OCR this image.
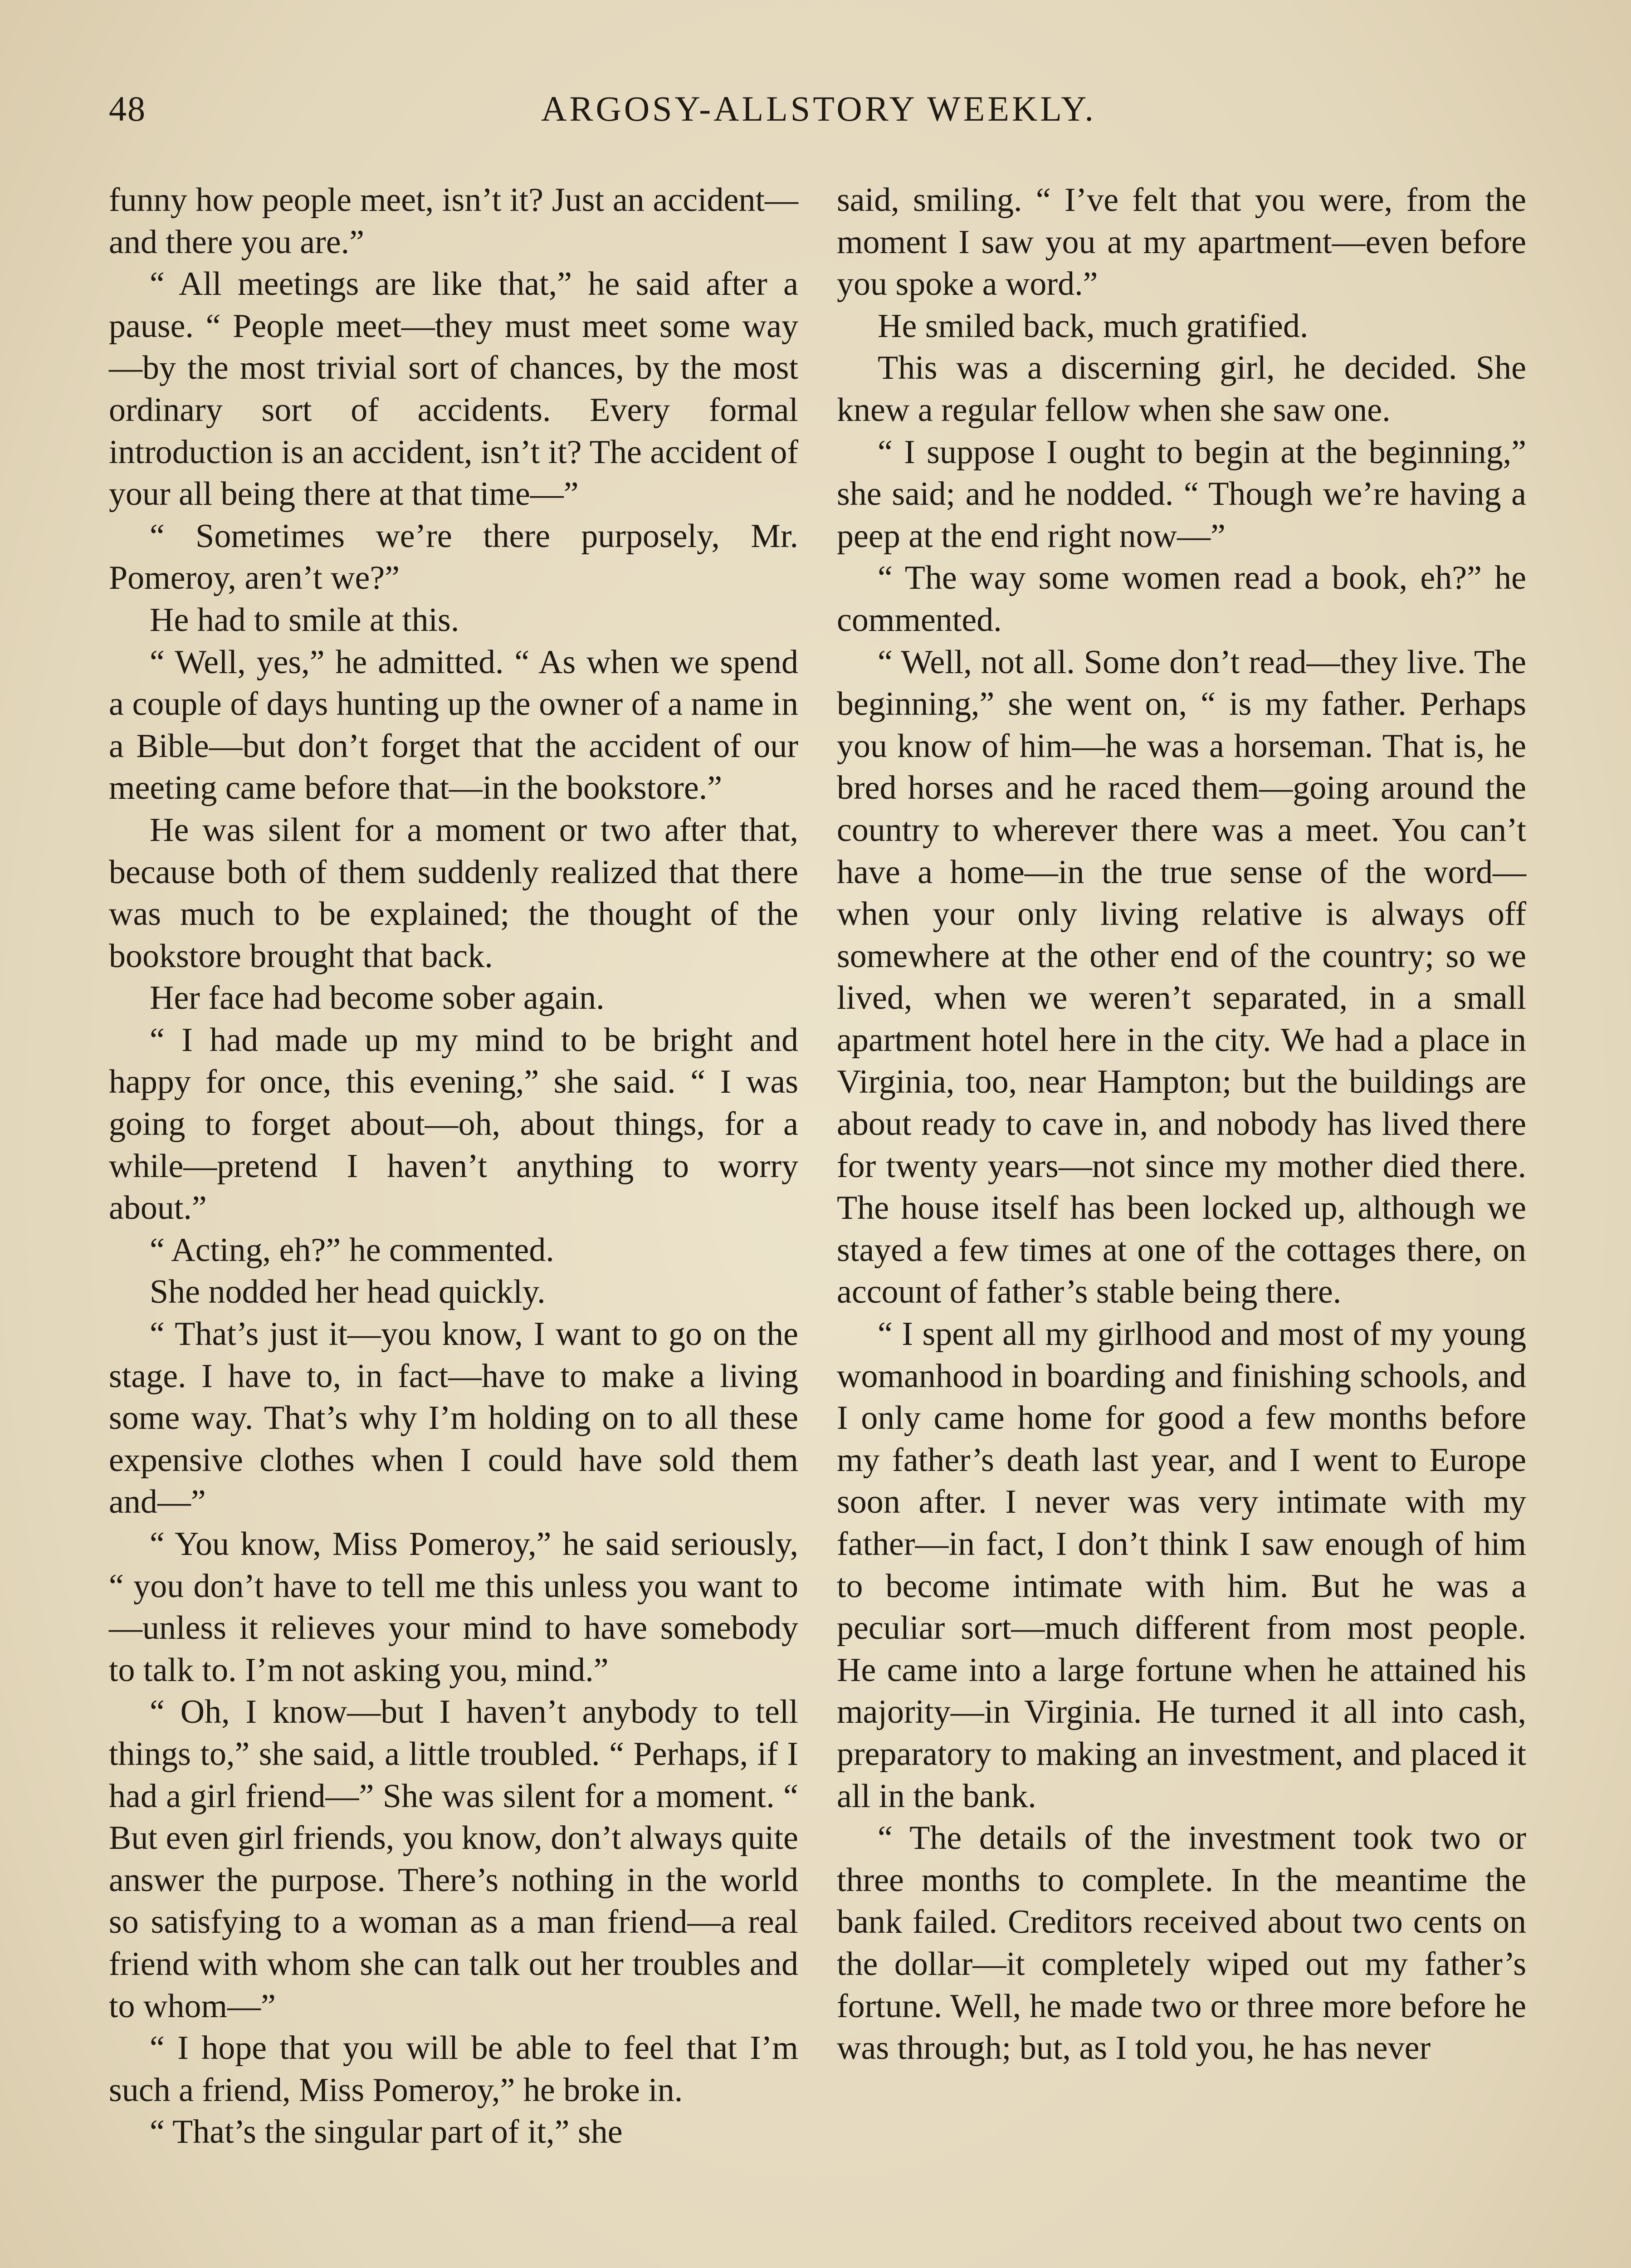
48	ARGOSY-ALLSTORY WEEKLY.

funny how people meet, isn’t it? Just an accident—and there you are.”

“ All meetings are like that,” he said after a pause. “ People meet—they must meet some way—by the most trivial sort of chances, by the most ordinary sort of accidents. Every formal introduction is an accident, isn’t it? The accident of your all being there at that time—”

“ Sometimes we’re there purposely, Mr. Pomeroy, aren’t we?”

He had to smile at this.

“ Well, yes,” he admitted. “ As when we spend a couple of days hunting up the owner of a name in a Bible—but don’t forget that the accident of our meeting came before that—in the bookstore.”

He was silent for a moment or two after that, because both of them suddenly realized that there was much to be explained; the thought of the bookstore brought that back.

Her face had become sober again.

“ I had made up my mind to be bright and happy for once, this evening,” she said. “ I was going to forget about—oh, about things, for a while—pretend I haven’t anything to worry about.”

“ Acting, eh?” he commented.

She nodded her head quickly.

“ That’s just it—you know, I want to go on the stage. I have to, in fact—have to make a living some way. That’s why I’m holding on to all these expensive clothes when I could have sold them and—”

“ You know, Miss Pomeroy,” he said seriously, “ you don’t have to tell me this unless you want to—unless it relieves your mind to have somebody to talk to. I’m not asking you, mind.”

“ Oh, I know—but I haven’t anybody to tell things to,” she said, a little troubled. “ Perhaps, if I had a girl friend—” She was silent for a moment. “ But even girl friends, you know, don’t always quite answer the purpose. There’s nothing in the world so satisfying to a woman as a man friend—a real friend with whom she can talk out her troubles and to whom—”

“ I hope that you will be able to feel that I’m such a friend, Miss Pomeroy,” he broke in.

“ That’s the singular part of it,” she

said, smiling. “ I’ve felt that you were, from the moment I saw you at my apartment—even before you spoke a word.”

He smiled back, much gratified.

This was a discerning girl, he decided. She knew a regular fellow when she saw one.

“ I suppose I ought to begin at the beginning,” she said; and he nodded. “ Though we’re having a peep at the end right now—”

“ The way some women read a book, eh?” he commented.

“ Well, not all. Some don’t read—they live. The beginning,” she went on, “ is my father. Perhaps you know of him—he was a horseman. That is, he bred horses and he raced them—going around the country to wherever there was a meet. You can’t have a home—in the true sense of the word—when your only living relative is always off somewhere at the other end of the country; so we lived, when we weren’t separated, in a small apartment hotel here in the city. We had a place in Virginia, too, near Hampton; but the buildings are about ready to cave in, and nobody has lived there for twenty years—not since my mother died there. The house itself has been locked up, although we stayed a few times at one of the cottages there, on account of father’s stable being there.

“ I spent all my girlhood and most of my young womanhood in boarding and finishing schools, and I only came home for good a few months before my father’s death last year, and I went to Europe soon after. I never was very intimate with my father—in fact, I don’t think I saw enough of him to become intimate with him. But he was a peculiar sort—much different from most people. He came into a large fortune when he attained his majority—in Virginia. He turned it all into cash, preparatory to making an investment, and placed it all in the bank.

“ The details of the investment took two or three months to complete. In the meantime the bank failed. Creditors received about two cents on the dollar—it completely wiped out my father’s fortune. Well, he made two or three more before he was through; but, as I told you, he has never
